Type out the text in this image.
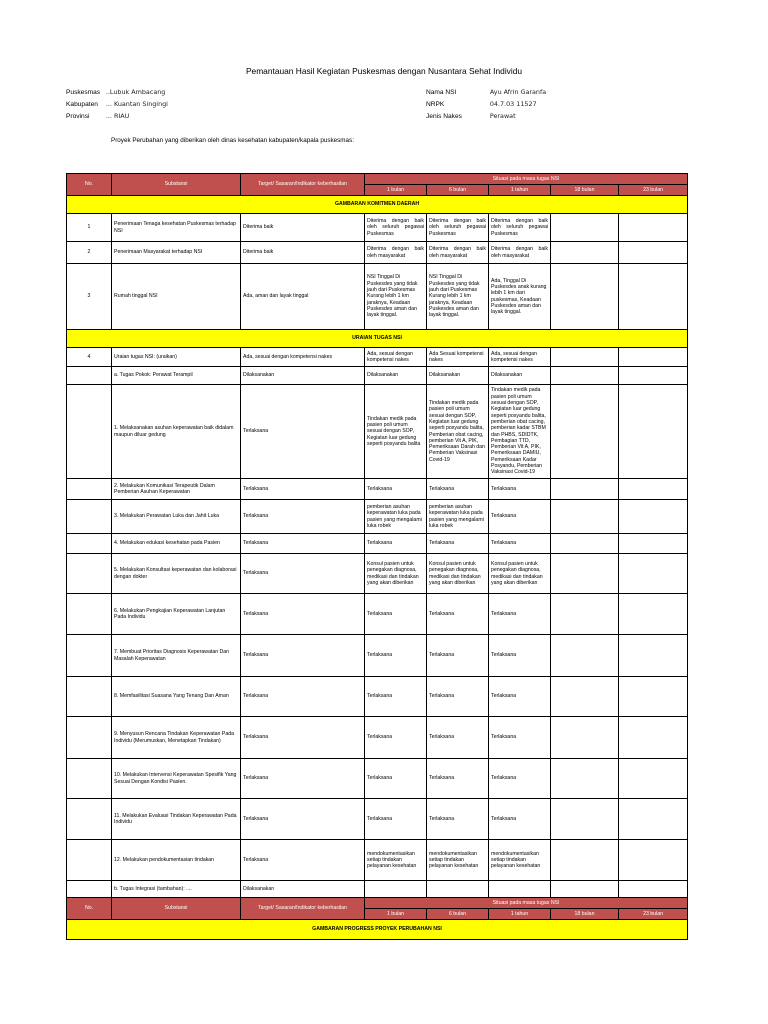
Pemantauan Hasil Kegiatan Puskesmas dengan Nusantara Sehat Individu
Puskesmas ..Lubuk Ambacang
Kabupaten ... Kuantan Singingi
Provinsi	... RIAU
Nama NSI	Ayu Afrin Garanfa
NRPK	04.7.03 11527
Jenis Nakes	Perawat
Proyek Perubahan yang diberikan oleh dinas kesehatan kabupaten/kapala puskesmas:
No.	Substansi	Target/ Sasaran/Indikator keberhasilan	Situasi pada masa tugas NSI				
			1 bulan	6 bulan	1 tahun	18 bulan	23 bulan
GAMBARAN KOMITMEN DAERAH							
1	Penerimaan Tenaga kesehatan Puskesmas terhadap NSI	Diterima baik	Diterima dengan baik oleh seluruh pegawai Puskesmas	Diterima dengan baik oleh seluruh pegawai Puskesmas	Diterima dengan baik oleh seluruh pegawai Puskesmas		
2	Penerimaan Masyarakat terhadap NSI	Diterima baik	Diterima dengan baik oleh masyarakat	Diterima dengan baik oleh masyarakat	Diterima dengan baik oleh masyarakat		
3	Rumah tinggal NSI	Ada, aman dan layak tinggal	NSI Tinggal Di Puskesdes yang tidak jauh dari Puskesmas Kurang lebih 1 km jaraknya, Keadaan Puskesdes aman dan layak tinggal.	NSI Tinggal Di Puskesdes yang tidak jauh dari Puskesmas Kurang lebih 1 km jaraknya, Keadaan Puskesdes aman dan layak tinggal.	Ada, Tinggal Di Puskesdes anak kurang lebih 1 km dari puskesmas, Keadaan Puskesdes aman dan layak tinggal.		
URAIAN TUGAS NSI							
4	Uraian tugas NSI: (uraikan)	Ada, sesuai dengan kompetensi nakes	Ada, sesuai dengan kompetensi nakes	Ada Sesuai kompetensi nakes	Ada, sesuai dengan kompetensi nakes		
	a. Tugas Pokok: Perawat Terampil	Dilaksanakan	Dilaksanakan	Dilaksanakan	Dilaksanakan		
	1. Melaksanakan asuhan keperawatan baik didalam maupun diluar gedung	Terlaksana	Tindakan medik pada pasien poli umum sesuai dengan SOP, Kegiatan luar gedung seperti posyandu balita	Tindakan medik pada pasien poli umum sesuai dengan SOP, Kegiatan luar gedung seperti posyandu balita, Pemberian obat cacing, pemberian Vit A, PIK, Pemeriksaan Darah dan Pemberian Vaksinasi Covid-19	Tindakan medik pada pasien poli umum sesuai dengan SOP, Kegiatan luar gedung seperti posyandu balita, pemberian obat cacing, pemberian kadar STBM dan PHBS, SDIDTK, Pembagian TTD, Pemberian Vit A, PIK, Pemeriksaan DAMIU, Pemeriksaan Kadar Posyandu, Pemberian Vaksinasi Covid-19		
	2. Melakukan Komunikasi Terapeutik Dalam Pemberian Asuhan Keperawatan	Terlaksana	Terlaksana	Terlaksana	Terlaksana		
	3. Melakukan Perawatan Luka dan Jahit Luka	Terlaksana	pemberian asuhan keperawatan luka pada pasien yang mengalami luka robek	pemberian asuhan keperawatan luka pada pasien yang mengalami luka robek	Terlaksana		
	4. Melakukan edukasi kesehatan pada Pasien	Terlaksana	Terlaksana	Terlaksana	Terlaksana		
	5. Melakukan Konsultasi keperawatan dan kolaborasi dengan dokter	Terlaksana	Konsul pasien untuk penegakan diagnosa, medikasi dan tindakan yang akan diberikan	Konsul pasien untuk penegakan diagnosa, medikasi dan tindakan yang akan diberikan	Konsul pasien untuk penegakan diagnosa, medikasi dan tindakan yang akan diberikan		
	6. Melakukan Pengkajian Keperawatan Lanjutan Pada Individu	Terlaksana	Terlaksana	Terlaksana	Terlaksana		
	7. Membuat Prioritas Diagnosis Keperawatan Dan
Masalah Keperawatan	Terlaksana	Terlaksana	Terlaksana	Terlaksana		
	8. Memfasilitasi Suasana Yang Tenang Dan Aman	Terlaksana	Terlaksana	Terlaksana	Terlaksana		
	9. Menyusun Rencana Tindakan Keperawatan Pada
Individu (Merumuskan, Menetapkan Tindakan)	Terlaksana	Terlaksana	Terlaksana	Terlaksana		
	10. Melakukan Intervensi Keperawatan Spesifik Yang Sesuai Dengan Kondisi Pasien.	Terlaksana	Terlaksana	Terlaksana	Terlaksana		
	11. Melakukan Evaluasi Tindakan Keperawatan Pada Individu	Terlaksana	Terlaksana	Terlaksana	Terlaksana		
	12. Melakukan pendokumentasian tindakan	Terlaksana	mendokumentasikan setiap tindakan pelayanan kesehatan	mendokumentasikan setiap tindakan pelayanan kesehatan	mendokumentasikan setiap tindakan pelayanan kesehatan		
	b. Tugas Integrasi (tambahan): ....	Dilaksanakan					
No.	Substansi	Target/ Sasaran/Indikator keberhasilan	Situasi pada masa tugas NSI				
			1 bulan	6 bulan	1 tahun	18 bulan	23 bulan
GAMBARAN PROGRESS PROYEK PERUBAHAN NSI							
